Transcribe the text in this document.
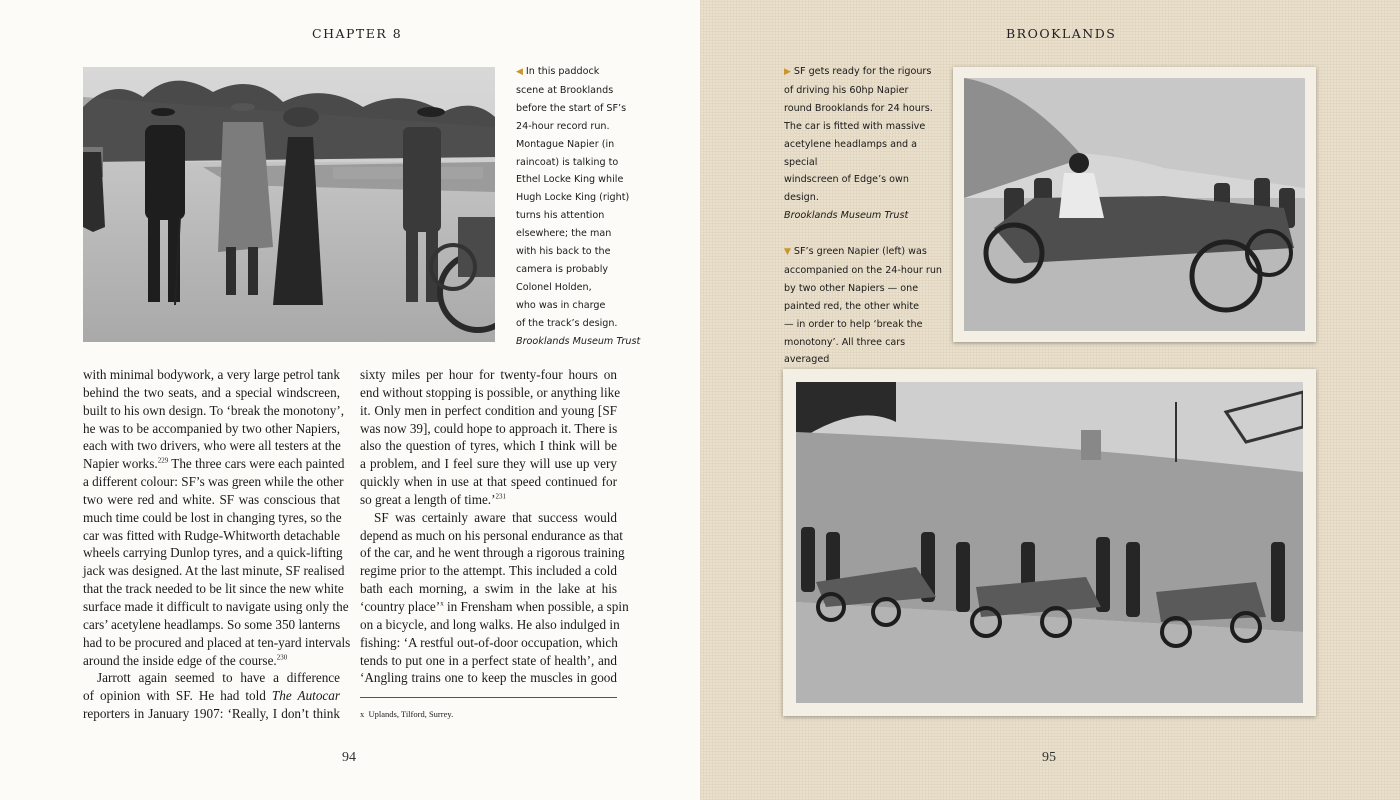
CHAPTER 8

◀ In this paddock

scene at Brooklands

before the start of SF’s

24-hour record run.

Montague Napier (in

raincoat) is talking to

Ethel Locke King while

Hugh Locke King (right)

turns his attention

elsewhere; the man

with his back to the

camera is probably

Colonel Holden,

who was in charge

of the track’s design.

Brooklands Museum Trust

with minimal bodywork, a very large petrol tank
behind the two seats, and a special windscreen,
built to his own design. To ‘break the monotony’,
he was to be accompanied by two other Napiers,
each with two drivers, who were all testers at the
Napier works.$^{229}$ The three cars were each painted
a different colour: SF’s was green while the other
two were red and white. SF was conscious that
much time could be lost in changing tyres, so the
car was fitted with Rudge-Whitworth detachable
wheels carrying Dunlop tyres, and a quick-lifting
jack was designed. At the last minute, SF realised
that the track needed to be lit since the new white
surface made it difficult to navigate using only the
cars’ acetylene headlamps. So some 350 lanterns
had to be procured and placed at ten-yard intervals
around the inside edge of the course.$^{230}$
Jarrott again seemed to have a difference
of opinion with SF. He had told The Autocar
reporters in January 1907: ‘Really, I don’t think
sixty miles per hour for twenty-four hours on
end without stopping is possible, or anything like
it. Only men in perfect condition and young [SF
was now 39], could hope to approach it. There is
also the question of tyres, which I think will be
a problem, and I feel sure they will use up very
quickly when in use at that speed continued for
so great a length of time.’$^{231}$
SF was certainly aware that success would
depend as much on his personal endurance as that
of the car, and he went through a rigorous training
regime prior to the attempt. This included a cold
bath each morning, a swim in the lake at his
‘country place’$^x$ in Frensham when possible, a spin
on a bicycle, and long walks. He also indulged in
fishing: ‘A restful out-of-door occupation, which
tends to put one in a perfect state of health’, and
‘Angling trains one to keep the muscles in good
x Uplands, Tilford, Surrey.
94
BROOKLANDS

▶ SF gets ready for the rigours

of driving his 60hp Napier

round Brooklands for 24 hours.

The car is fitted with massive

acetylene headlamps and a special

windscreen of Edge’s own design.

Brooklands Museum Trust

▼ SF’s green Napier (left) was

accompanied on the 24-hour run

by two other Napiers — one

painted red, the other white

— in order to help ‘break the

monotony’. All three cars averaged

95
